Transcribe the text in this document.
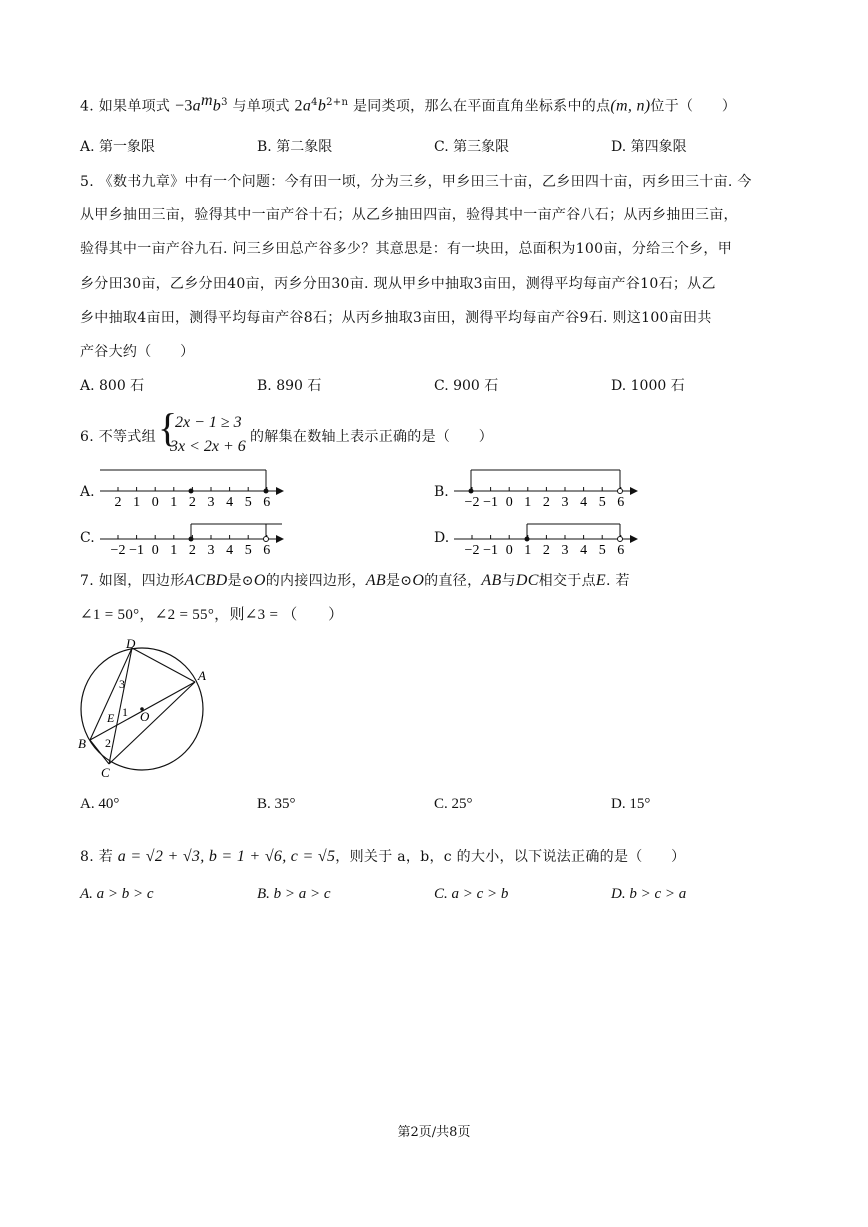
4. 如果单项式 $-3a^mb^3$ 与单项式 $2a^4b^{2+n}$ 是同类项，那么在平面直角坐标系中的点(m, n)位于（　　）
A. 第一象限	B. 第二象限	C. 第三象限	D. 第四象限
5. 《数书九章》中有一个问题：今有田一顷，分为三乡，甲乡田三十亩，乙乡田四十亩，丙乡田三十亩. 今
从甲乡抽田三亩，验得其中一亩产谷十石；从乙乡抽田四亩，验得其中一亩产谷八石；从丙乡抽田三亩，
验得其中一亩产谷九石. 问三乡田总产谷多少？其意思是：有一块田，总面积为100亩，分给三个乡，甲
乡分田30亩，乙乡分田40亩，丙乡分田30亩. 现从甲乡中抽取3亩田，测得平均每亩产谷10石；从乙
乡中抽取4亩田，测得平均每亩产谷8石；从丙乡抽取3亩田，测得平均每亩产谷9石. 则这100亩田共
产谷大约（　　）
A. 800 石	B. 890 石	C. 900 石	D. 1000 石
6. 不等式组 {
2x − 1 ≥ 3
3x < 2x + 6
的解集在数轴上表示正确的是（　　）
A.	B.
C.	D.
2 1 0 1 2 3 4 5 6	−2 −1 0 1 2 3 4 5 6
−2 −1 0 1 2 3 4 5 6	−2 −1 0 1 2 3 4 5 6
7. 如图，四边形ACBD是⊙O的内接四边形，AB是⊙O的直径，AB与DC相交于点E. 若
∠1 = 50°，∠2 = 55°，则∠3 = （　　）
D
A
B
C
E O
1
2
3
A. 40°	B. 35°	C. 25°	D. 15°
8. 若 a = √2 + √3, b = 1 + √6, c = √5，则关于 a，b，c 的大小，以下说法正确的是（　　）
A. a > b > c	B. b > a > c	C. a > c > b	D. b > c > a
第2页/共8页
